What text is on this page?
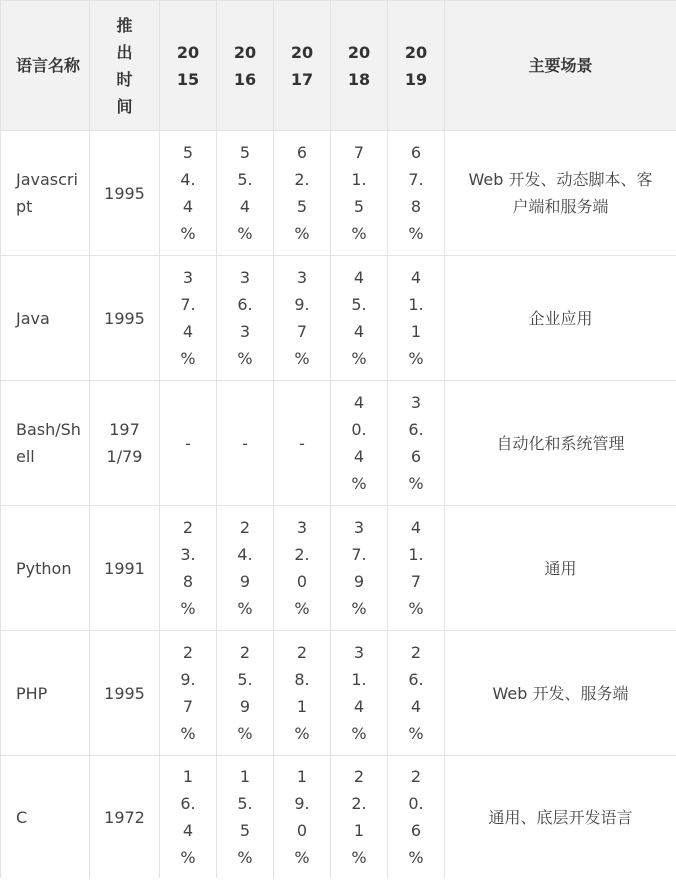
语言名称	推出时间	2015	2016	2017	2018	2019	主要场景
Javascript	1995	54.4%	55.4%	62.5%	71.5%	67.8%	Web 开发、动态脚本、客户端和服务端
Java	1995	37.4%	36.3%	39.7%	45.4%	41.1%	企业应用
Bash/Shell	1971/79	-	-	-	40.4%	36.6%	自动化和系统管理
Python	1991	23.8%	24.9%	32.0%	37.9%	41.7%	通用
PHP	1995	29.7%	25.9%	28.1%	31.4%	26.4%	Web 开发、服务端
C	1972	16.4%	15.5%	19.0%	22.1%	20.6%	通用、底层开发语言
